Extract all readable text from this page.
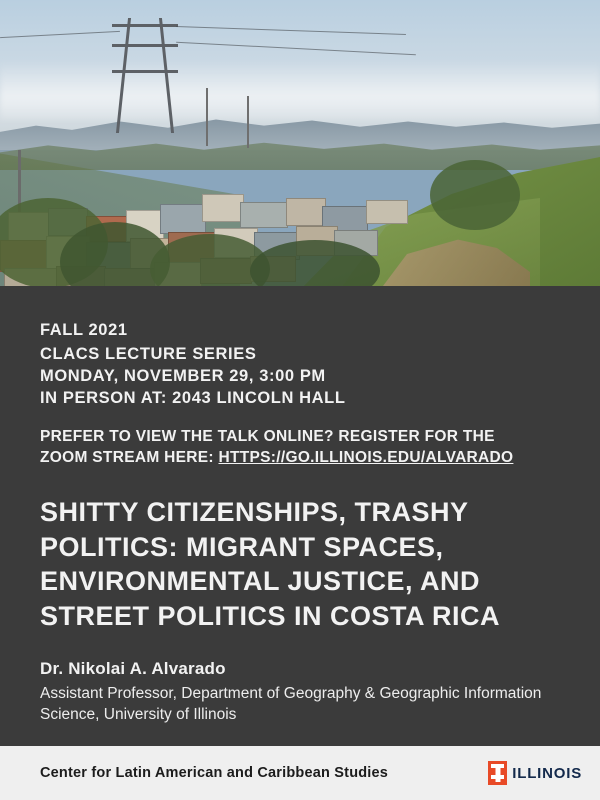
FALL 2021
CLACS LECTURE SERIES
MONDAY, NOVEMBER 29, 3:00 PM
IN PERSON AT: 2043 LINCOLN HALL
PREFER TO VIEW THE TALK ONLINE? REGISTER FOR THE
ZOOM STREAM HERE: HTTPS://GO.ILLINOIS.EDU/ALVARADO
SHITTY CITIZENSHIPS, TRASHY POLITICS: MIGRANT SPACES, ENVIRONMENTAL JUSTICE, AND STREET POLITICS IN COSTA RICA
Dr. Nikolai A. Alvarado
Assistant Professor, Department of Geography & Geographic Information Science, University of Illinois
Center for Latin American and Caribbean Studies	ILLINOIS
